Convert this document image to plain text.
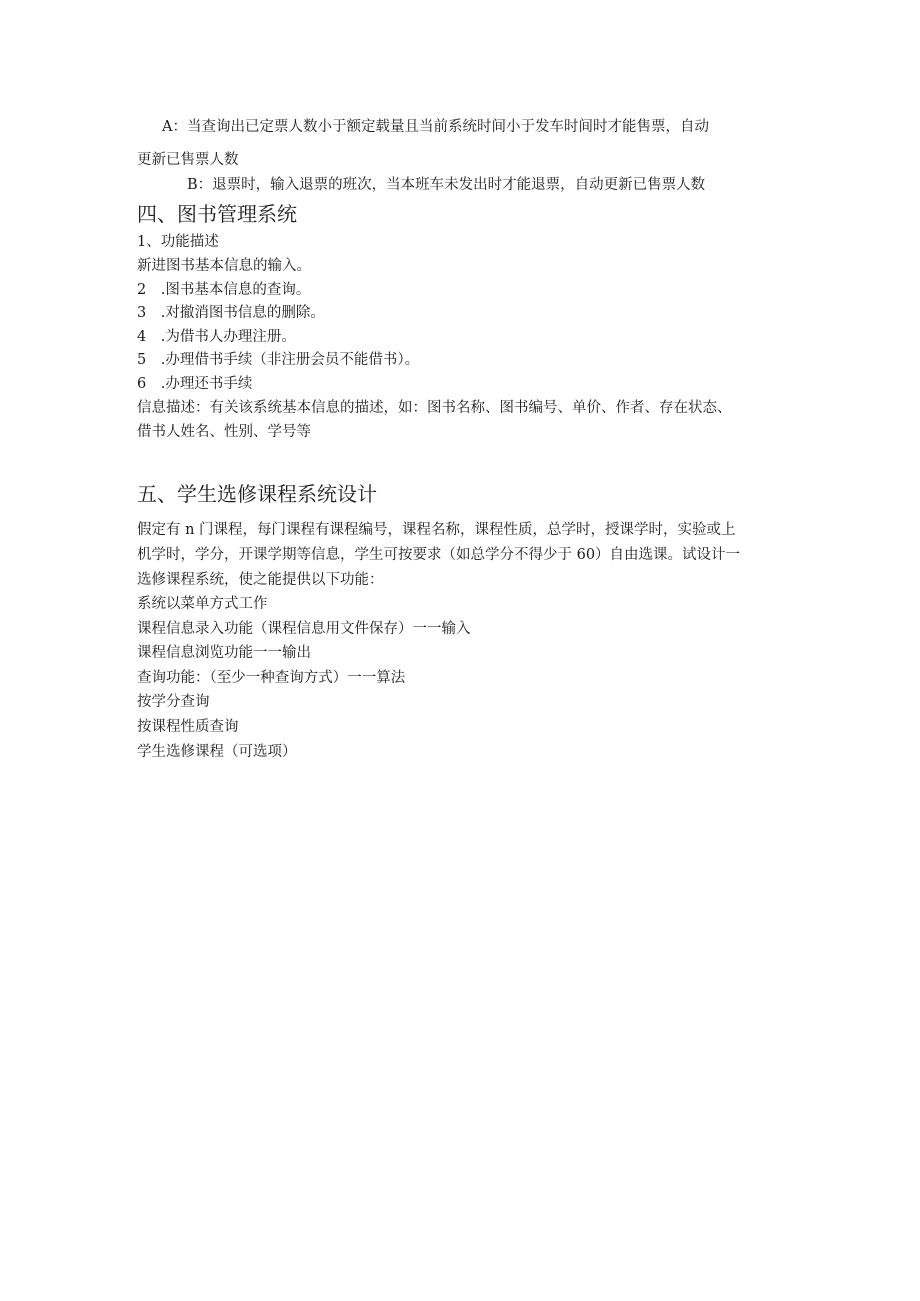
A：当查询出已定票人数小于额定载量且当前系统时间小于发车时间时才能售票，自动
更新已售票人数
B：退票时，输入退票的班次，当本班车未发出时才能退票，自动更新已售票人数
四、图书管理系统
1、功能描述
新进图书基本信息的输入。
2　.图书基本信息的查询。
3　.对撤消图书信息的删除。
4　.为借书人办理注册。
5　.办理借书手续（非注册会员不能借书）。
6　.办理还书手续
信息描述：有关该系统基本信息的描述，如：图书名称、图书编号、单价、作者、存在状态、
借书人姓名、性别、学号等
五、学生选修课程系统设计
假定有 n 门课程，每门课程有课程编号，课程名称，课程性质，总学时，授课学时，实验或上
机学时，学分，开课学期等信息，学生可按要求（如总学分不得少于 60）自由选课。试设计一
选修课程系统，使之能提供以下功能：
系统以菜单方式工作
课程信息录入功能（课程信息用文件保存）一一输入
课程信息浏览功能一一输出
查询功能：（至少一种查询方式）一一算法
按学分查询
按课程性质查询
学生选修课程（可选项）
